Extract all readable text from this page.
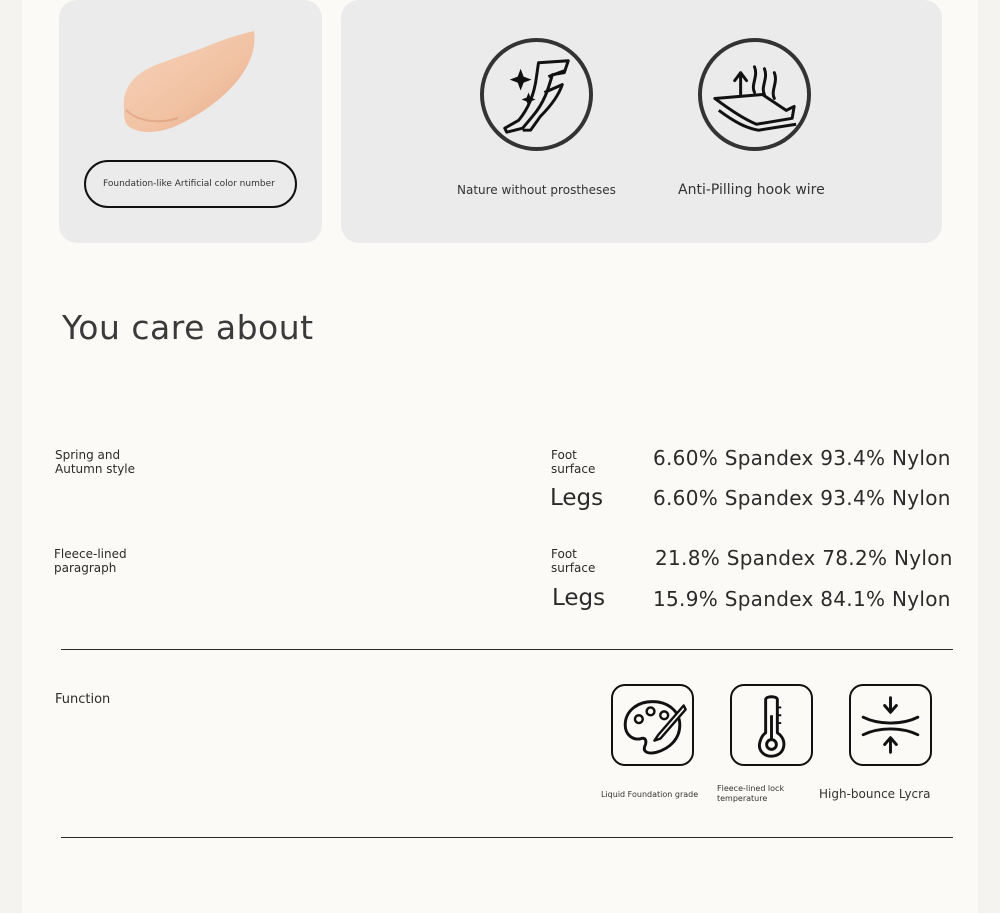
Foundation-like Artificial color number	Nature without prostheses	Anti-Pilling hook wire
You care about
Spring and
Autumn style
Foot
surface	6.60% Spandex 93.4% Nylon
Legs 6.60% Spandex 93.4% Nylon
Fleece-lined
paragraph
Foot
surface	21.8% Spandex 78.2% Nylon
Legs 15.9% Spandex 84.1% Nylon
Function
Liquid Foundation grade
Fleece-lined lock
temperature	High-bounce Lycra
